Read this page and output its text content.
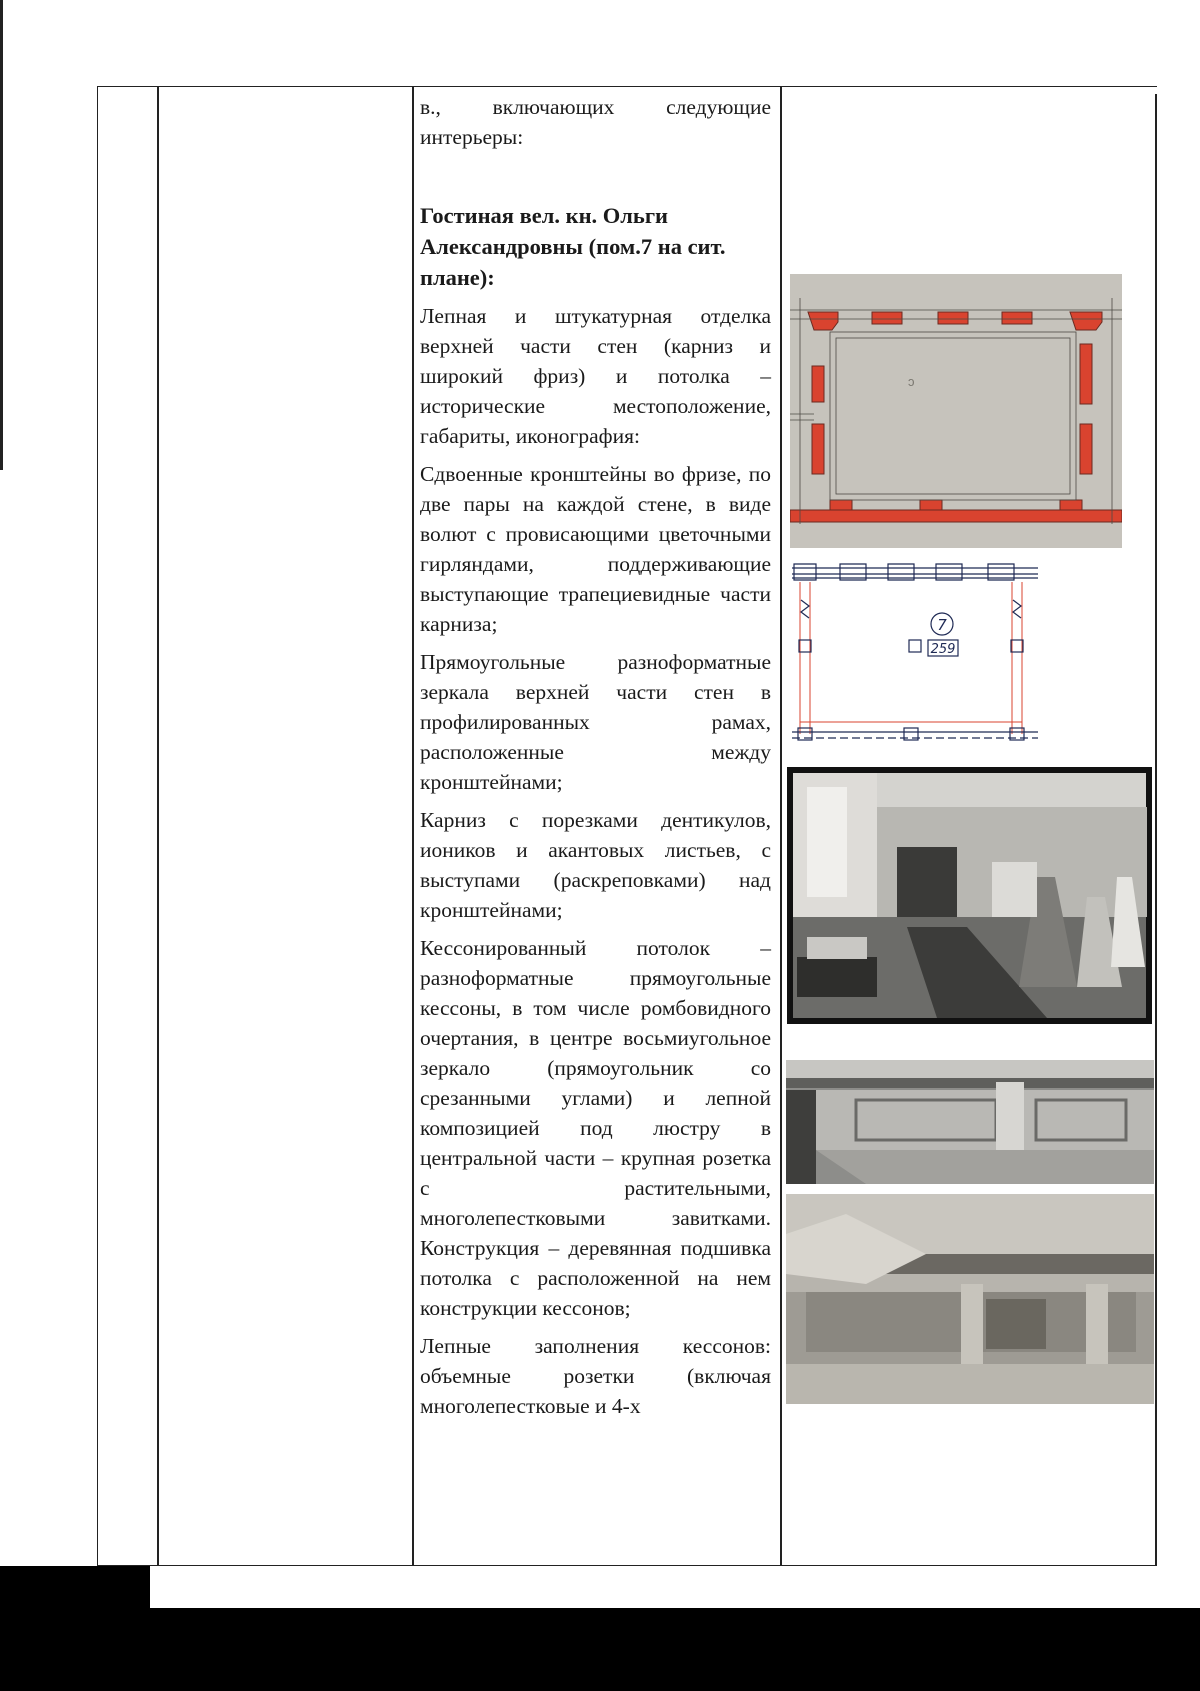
в., включающих следующие

интерьеры:

Гостиная вел. кн. Ольги Александровны (пом.7 на сит. плане):

Лепная и штукатурная отделка верхней части стен (карниз и широкий фриз) и потолка – исторические местоположение, габариты, иконография:

Сдвоенные кронштейны во фризе, по две пары на каждой стене, в виде волют с провисающими цветочными гирляндами, поддерживающие выступающие трапециевидные части карниза;

Прямоугольные разноформатные зеркала верхней части стен в профилированных рамах, расположенные между кронштейнами;

Карниз с порезками дентикулов, иоников и акантовых листьев, с выступами (раскреповками) над кронштейнами;

Кессонированный потолок – разноформатные прямоугольные кессоны, в том числе ромбовидного очертания, в центре восьмиугольное зеркало (прямоугольник со срезанными углами) и лепной композицией под люстру в центральной части – крупная розетка с растительными, многолепестковыми завитками. Конструкция – деревянная подшивка потолка с расположенной на нем конструкции кессонов;

Лепные заполнения кессонов: объемные розетки (включая многолепестковые и 4-х

ↄ
7
259
